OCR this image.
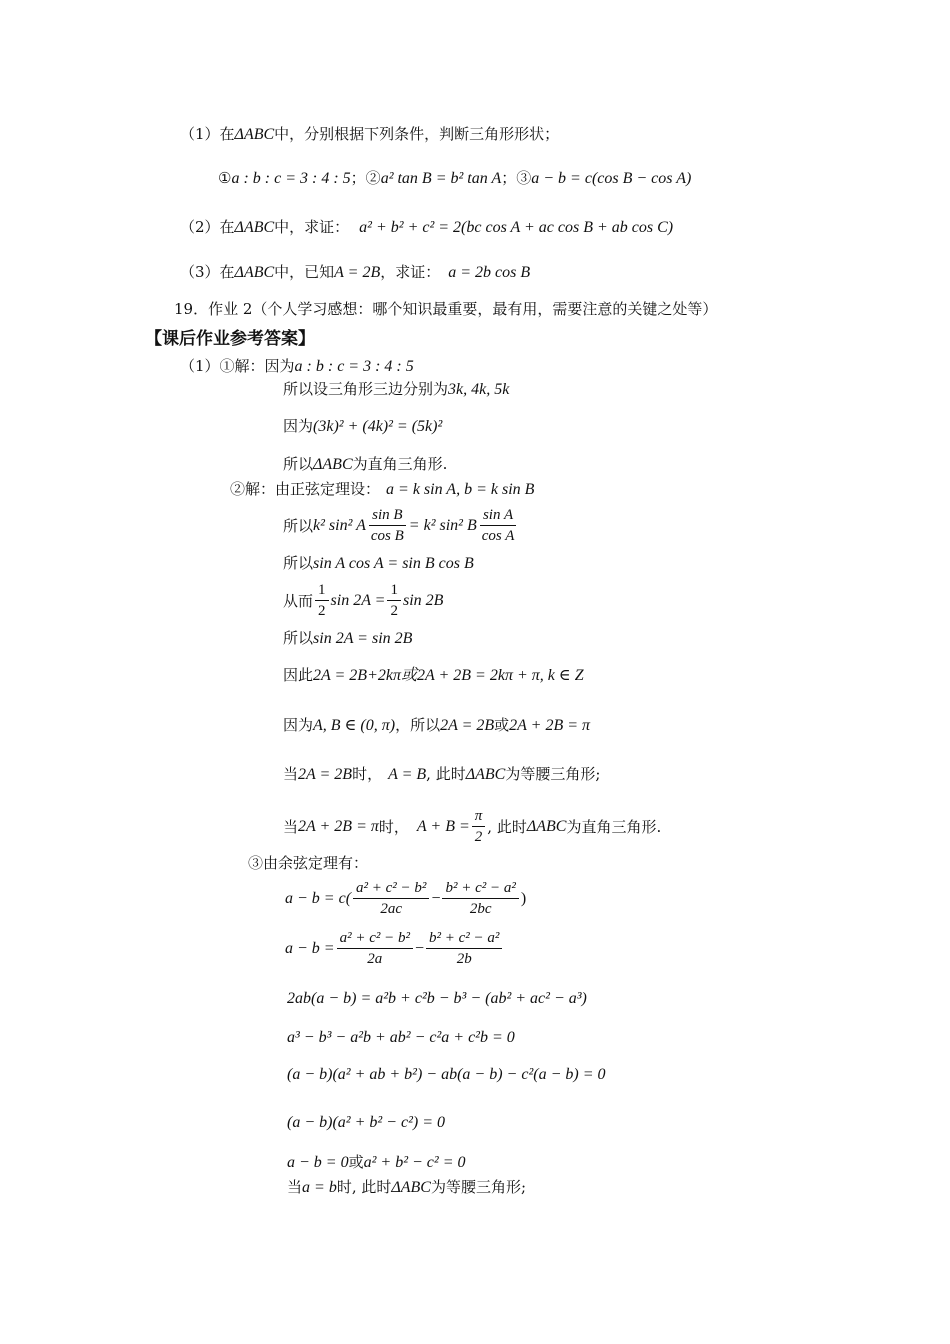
（1）在ΔABC中，分别根据下列条件，判断三角形形状；
①a : b : c = 3 : 4 : 5；②a² tan B = b² tan A；③a − b = c(cos B − cos A)
（2）在ΔABC中，求证： a² + b² + c² = 2(bc cos A + ac cos B + ab cos C)
（3）在ΔABC中，已知A = 2B，求证： a = 2b cos B
19．作业 2（个人学习感想：哪个知识最重要，最有用，需要注意的关键之处等）
【课后作业参考答案】
（1）①解：因为a : b : c = 3 : 4 : 5
所以设三角形三边分别为3k, 4k, 5k
因为(3k)² + (4k)² = (5k)²
所以ΔABC为直角三角形.
②解：由正弦定理设： a = k sin A, b = k sin B
所以 k² sin² A $\frac{\text{sin B}}{\text{cos B}} = k^2$ sin² B $\frac{\text{sin A}}{\text{cos A}}$
所以sin A cos A = sin B cos B
从而 $\frac{1}{2}$ $\sin 2A = \frac{1}{2}$ sin 2B
所以sin 2A = sin 2B
因此2A = 2B+2kπ或2A + 2B = 2kπ + π, k ∈ Z
因为A, B ∈ (0, π)，所以2A = 2B或2A + 2B = π
当2A = 2B时， A = B, 此时ΔABC为等腰三角形;
当 2A + 2B = π 时， $A + B = \frac{\pi}{2}$ , 此时 ΔABC 为直角三角形.
③由余弦定理有：
$a - b = c( \frac{\text{a² + c² − b²}}{2ac} - \frac{\text{b² + c² − a²}}{2bc}$ )
$a - b = \frac{\text{a² + c² − b²}}{2a} - \frac{\text{b² + c² − a²}}{2b}$
2ab(a − b) = a²b + c²b − b³ − (ab² + ac² − a³)
a³ − b³ − a²b + ab² − c²a + c²b = 0
(a − b)(a² + ab + b²) − ab(a − b) − c²(a − b) = 0
(a − b)(a² + b² − c²) = 0
a − b = 0或a² + b² − c² = 0
当a = b时, 此时ΔABC为等腰三角形;
